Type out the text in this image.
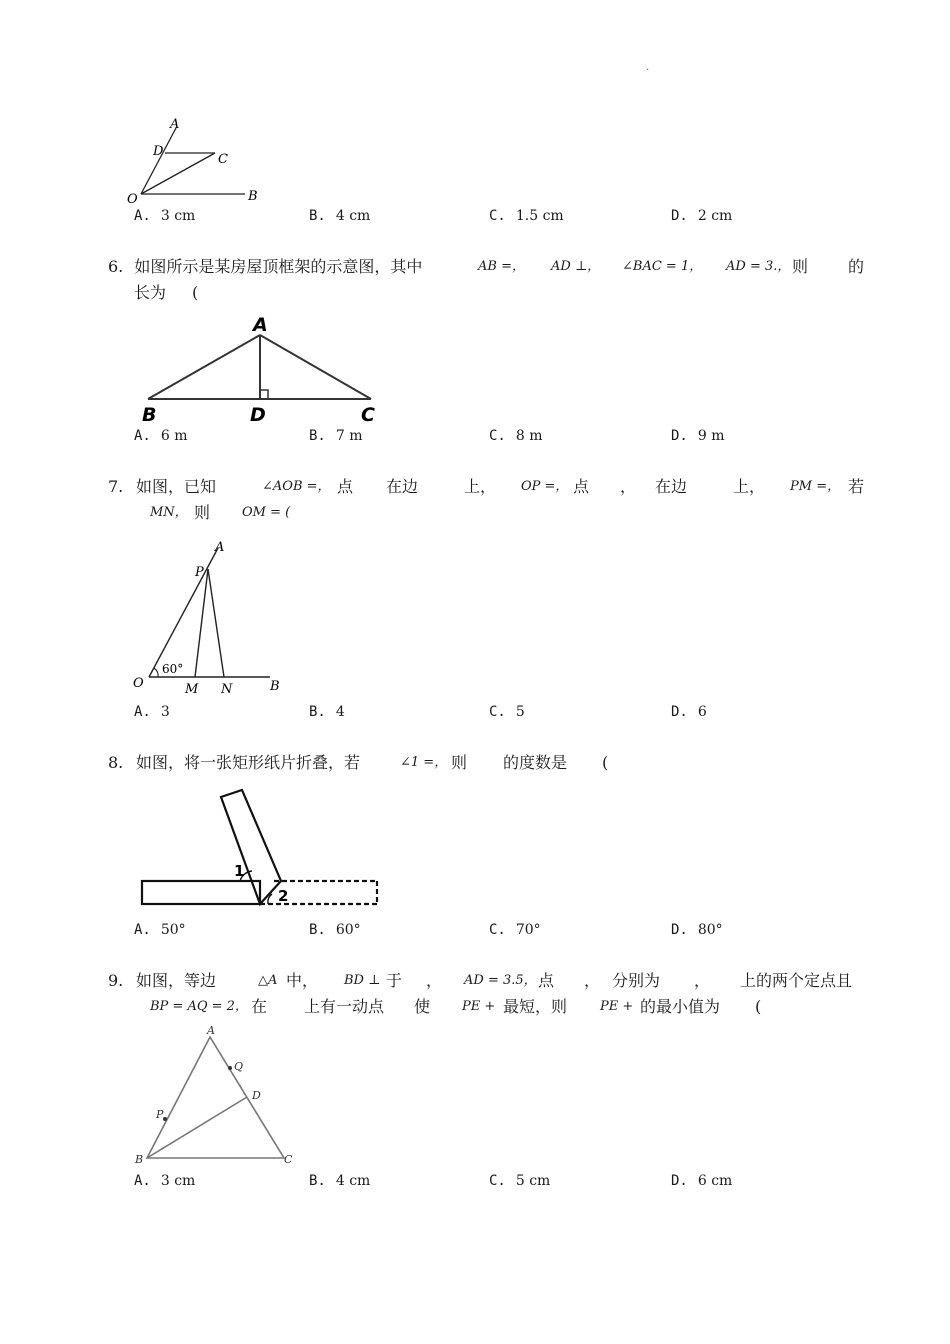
.
A
D
C
O	B
A. 3 cm	B. 4 cm	C. 1.5 cm	D. 2 cm
6. 如图所示是某房屋顶框架的示意图，其中	AB =， AD ⊥， ∠BAC = 1， AD = 3.， 则 的
长为 (
A
B	D	C
A. 6 m	B. 7 m	C. 8 m	D. 9 m
7. 如图，已知	∠AOB =， 点 在边	上， OP =， 点 ， 在边	上， PM =， 若
MN， 则 OM = (
A
P
O
60°
M N	B
A. 3	B. 4	C. 5	D. 6
8. 如图，将一张矩形纸片折叠，若	∠1 =， 则 的度数是 (
1
2
A. 50°	B. 60°	C. 70°	D. 80°
9. 如图，等边	△A 中， BD ⊥ 于 ， AD = 3.5， 点 ， 分别为 ， 上的两个定点且
BP = AQ = 2， 在 上有一动点 使 PE + 最短，则	PE + 的最小值为 (
A
Q
D
P
B	C
A. 3 cm	B. 4 cm	C. 5 cm	D. 6 cm
